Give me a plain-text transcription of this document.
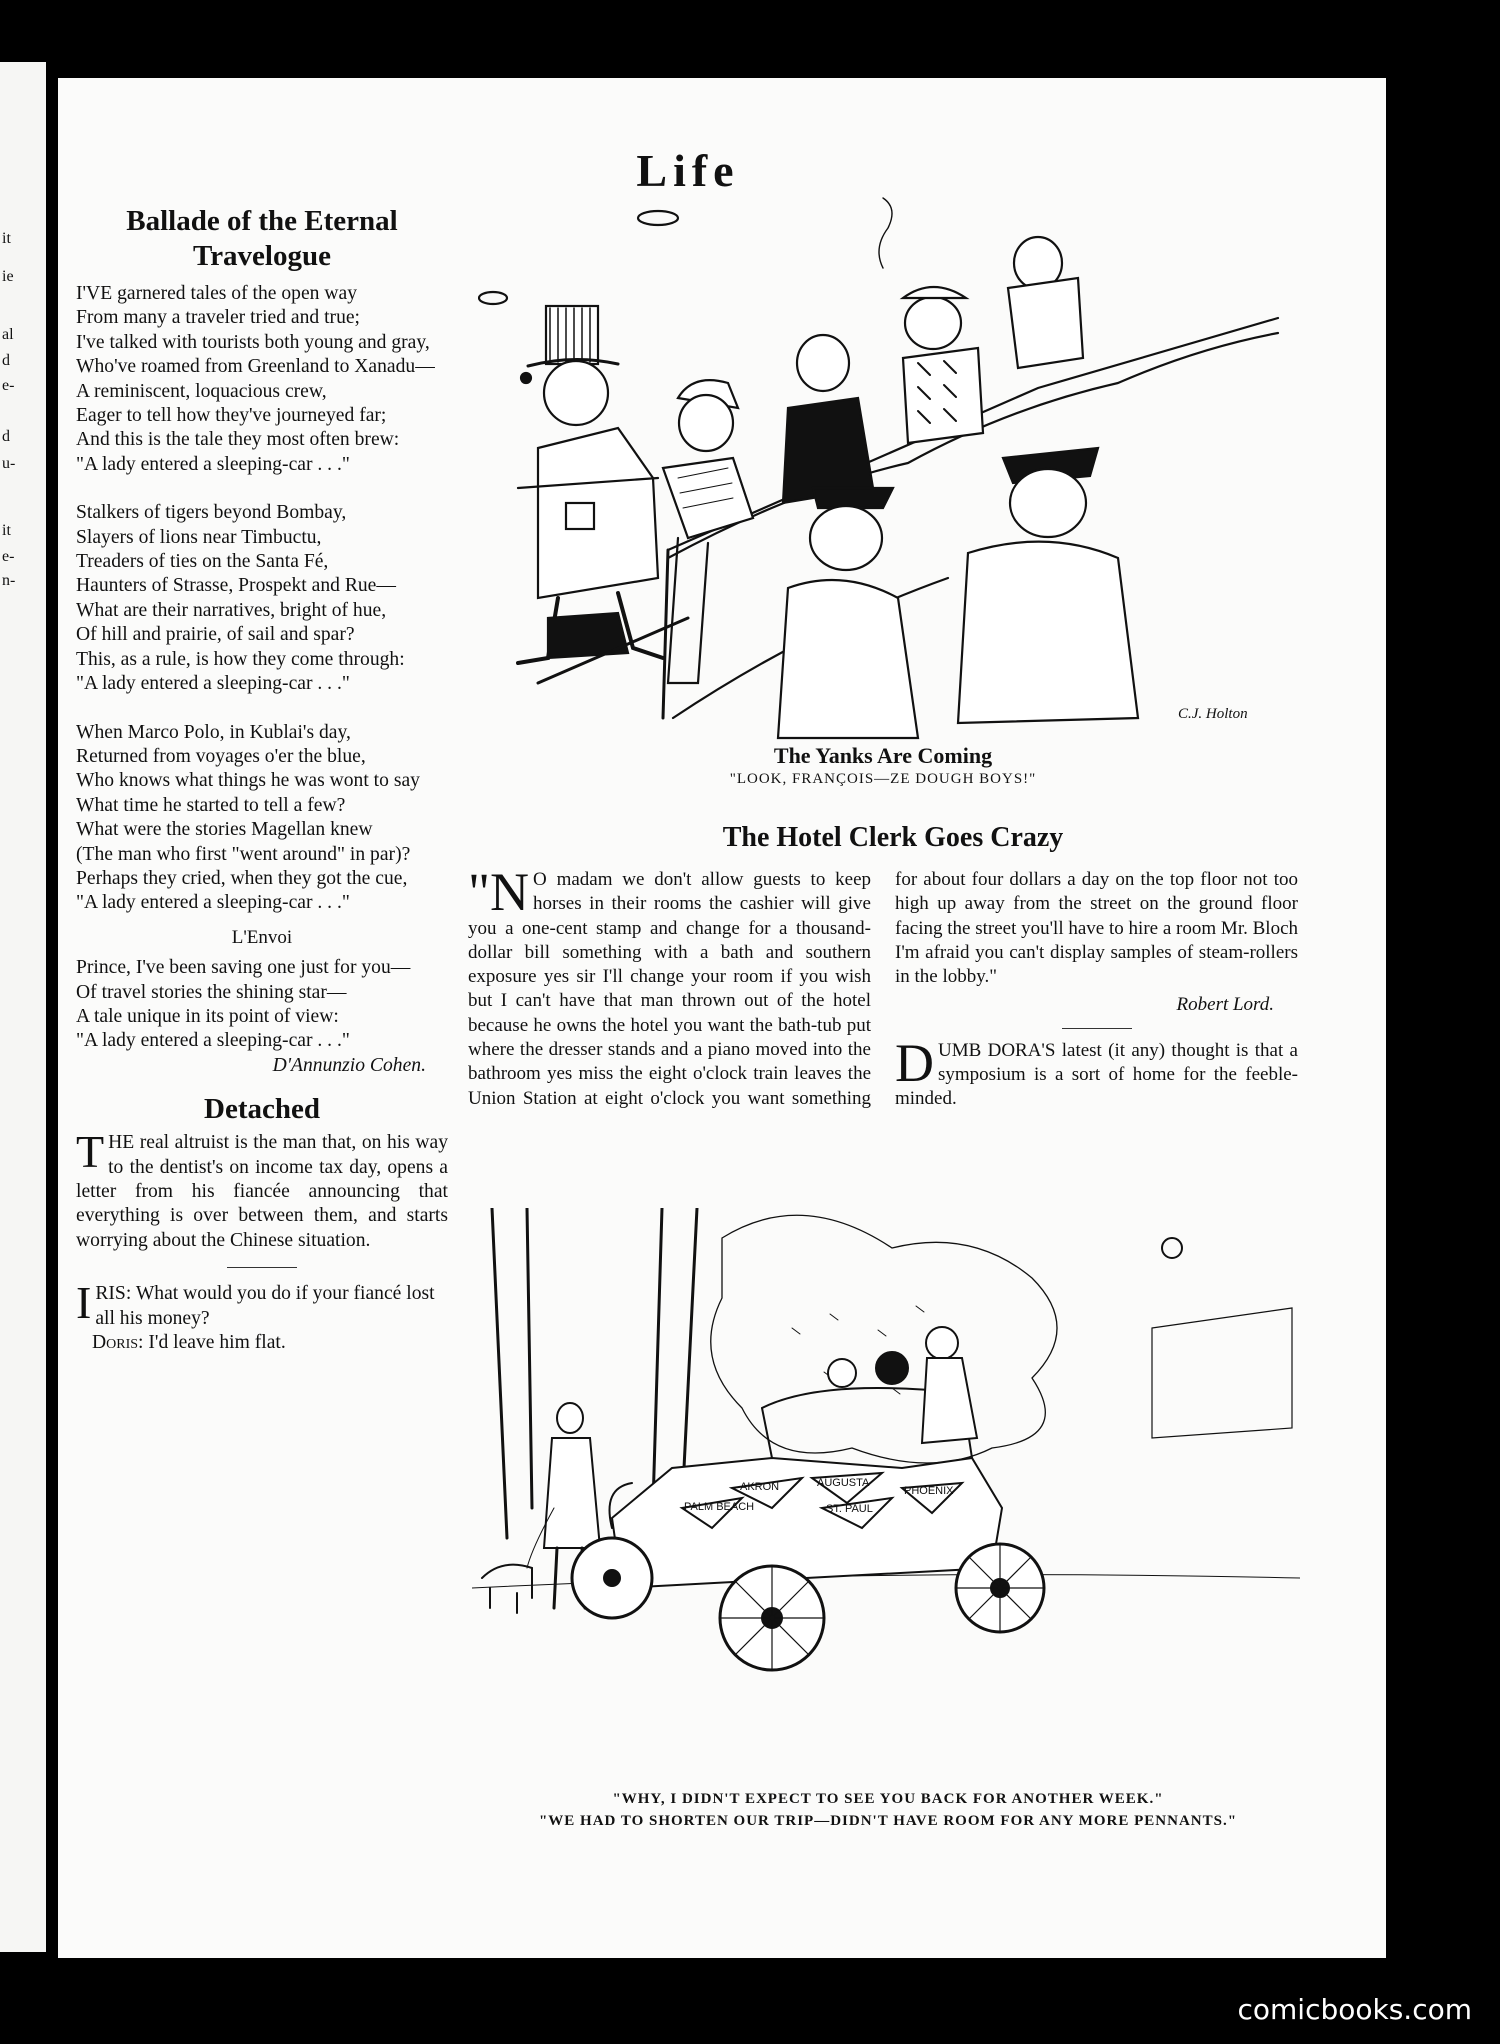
it
ie
al
d
e-
d
u-
it
e-
n-
Life
Ballade of the Eternal Travelogue
I'VE garnered tales of the open way
From many a traveler tried and true;
I've talked with tourists both young and gray,
Who've roamed from Greenland to Xanadu—
A reminiscent, loquacious crew,
Eager to tell how they've journeyed far;
And this is the tale they most often brew:
"A lady entered a sleeping-car . . ."
Stalkers of tigers beyond Bombay,
Slayers of lions near Timbuctu,
Treaders of ties on the Santa Fé,
Haunters of Strasse, Prospekt and Rue—
What are their narratives, bright of hue,
Of hill and prairie, of sail and spar?
This, as a rule, is how they come through:
"A lady entered a sleeping-car . . ."
When Marco Polo, in Kublai's day,
Returned from voyages o'er the blue,
Who knows what things he was wont to say
What time he started to tell a few?
What were the stories Magellan knew
(The man who first "went around" in par)?
Perhaps they cried, when they got the cue,
"A lady entered a sleeping-car . . ."
L'Envoi
Prince, I've been saving one just for you—
Of travel stories the shining star—
A tale unique in its point of view:
"A lady entered a sleeping-car . . ."
D'Annunzio Cohen.
Detached

THE real altruist is the man that, on his way to the dentist's on income tax day, opens a letter from his fiancée announcing that everything is over between them, and starts worrying about the Chinese situation.

IRIS: What would you do if your fiancé lost all his money?
Doris: I'd leave him flat.

C.J. Holton
The Yanks Are Coming
"LOOK, FRANÇOIS—ZE DOUGH BOYS!"
The Hotel Clerk Goes Crazy

"N O madam we don't allow guests to keep horses in their rooms the cashier will give you a one-cent stamp and change for a thousand-dollar bill something with a bath and southern exposure yes sir I'll change your room if you wish but I can't have that man thrown out of the hotel because he owns the hotel you want the bath-tub put where the dresser stands and a piano moved into the bathroom yes miss the eight o'clock train leaves the Union Station at eight o'clock you want something for about four dollars a day on the top floor not too high up away from the street on the ground floor facing the street you'll have to hire a room Mr. Bloch I'm afraid you can't display samples of steam-rollers in the lobby."

Robert Lord.

DUMB DORA'S latest (it any) thought is that a symposium is a sort of home for the feeble-minded.

AKRON	AUGUSTA
PALM BEACH	ST. PAUL
PHOENIX
"WHY, I DIDN'T EXPECT TO SEE YOU BACK FOR ANOTHER WEEK."
"WE HAD TO SHORTEN OUR TRIP—DIDN'T HAVE ROOM FOR ANY MORE PENNANTS."
comicbooks.com
